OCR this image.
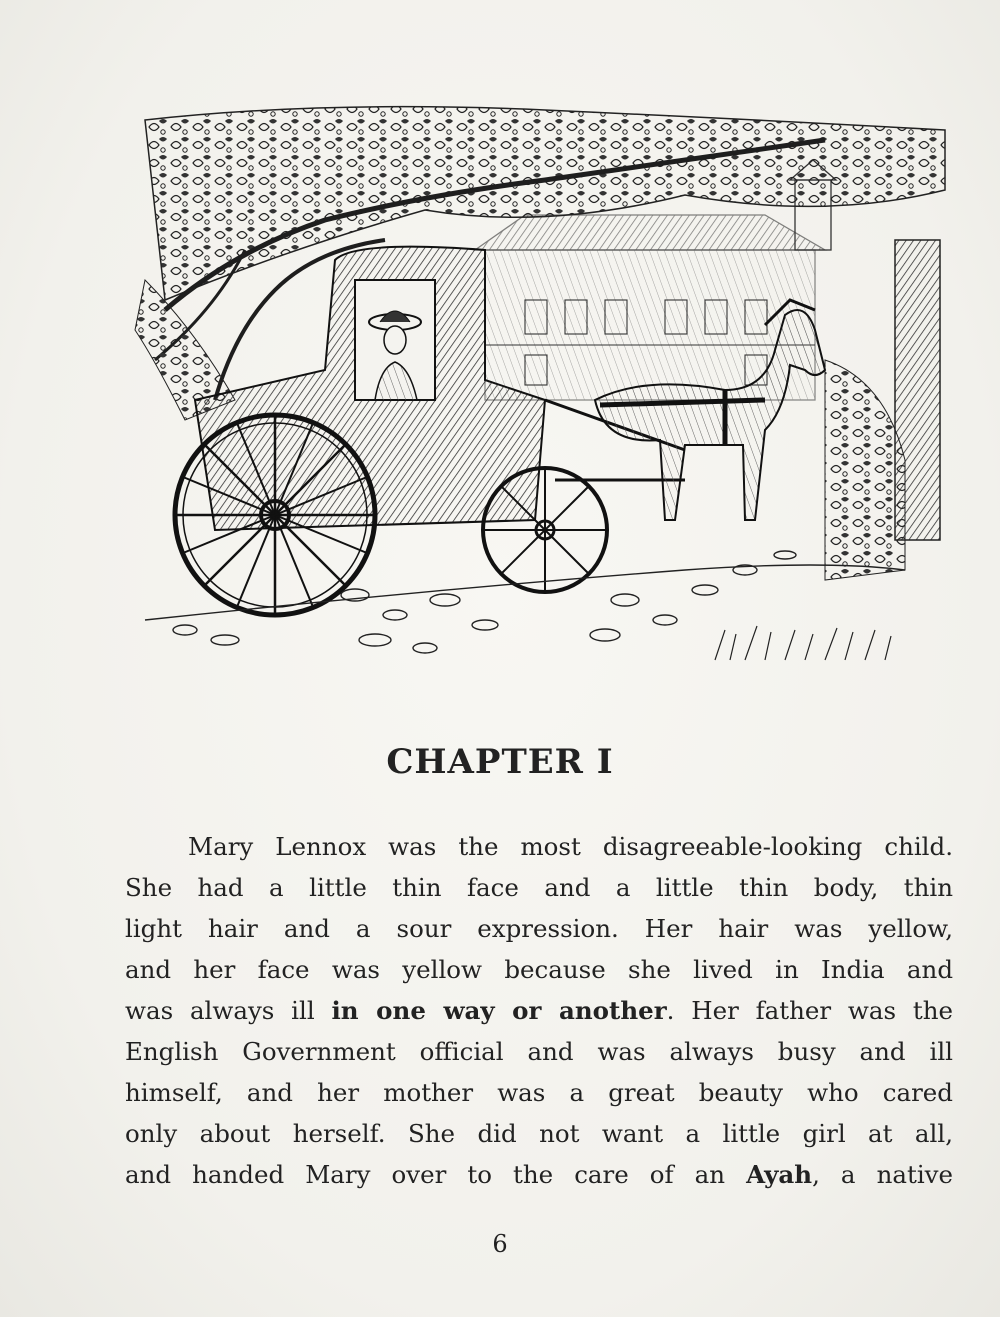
CHAPTER I
Mary Lennox was the most disagreeable-looking child.
She had a little thin face and a little thin body, thin
light hair and a sour expression. Her hair was yellow,
and her face was yellow because she lived in India and
was always ill in one way or another. Her father was the
English Government official and was always busy and ill
himself, and her mother was a great beauty who cared
only about herself. She did not want a little girl at all,
and handed Mary over to the care of an Ayah, a native
6
